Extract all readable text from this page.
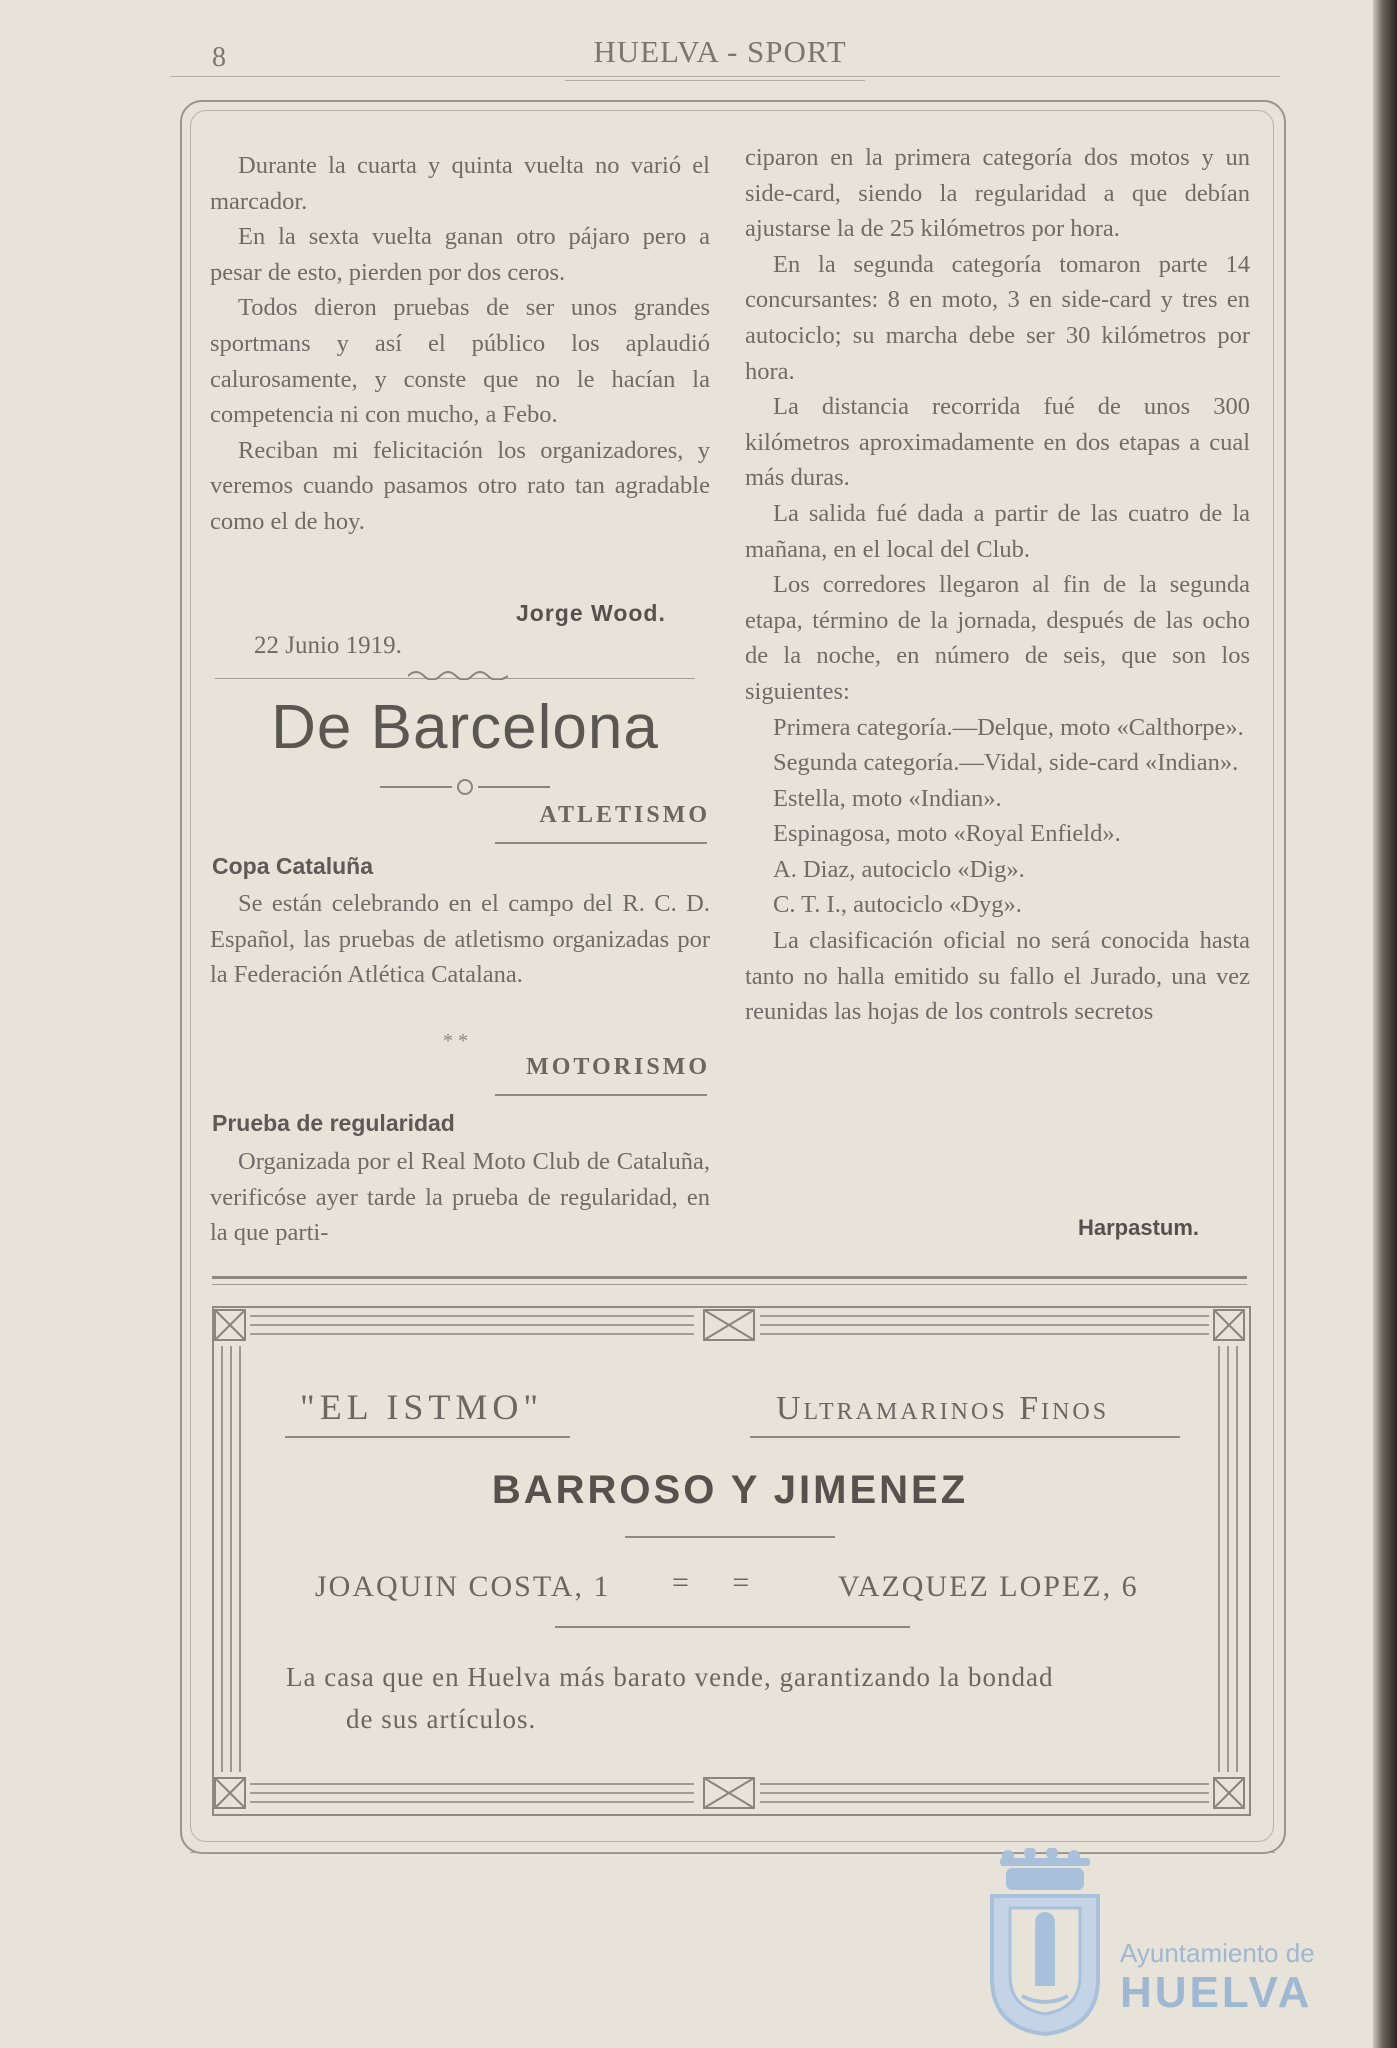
8	HUELVA - SPORT

Durante la cuarta y quinta vuelta no varió el marcador.

En la sexta vuelta ganan otro pájaro pero a pesar de esto, pierden por dos ceros.

Todos dieron pruebas de ser unos grandes sportmans y así el público los aplaudió calurosamente, y conste que no le hacían la competencia ni con mucho, a Febo.

Reciban mi felicitación los organizadores, y veremos cuando pasamos otro rato tan agradable como el de hoy.

Jorge Wood.
22 Junio 1919.
De Barcelona
ATLETISMO
Copa Cataluña

Se están celebrando en el campo del R. C. D. Español, las pruebas de atletismo organizadas por la Federación Atlética Catalana.

* *
MOTORISMO
Prueba de regularidad

Organizada por el Real Moto Club de Cataluña, verificóse ayer tarde la prueba de regularidad, en la que parti-

ciparon en la primera categoría dos motos y un side-card, siendo la regularidad a que debían ajustarse la de 25 kilómetros por hora.

En la segunda categoría tomaron parte 14 concursantes: 8 en moto, 3 en side-card y tres en autociclo; su marcha debe ser 30 kilómetros por hora.

La distancia recorrida fué de unos 300 kilómetros aproximadamente en dos etapas a cual más duras.

La salida fué dada a partir de las cuatro de la mañana, en el local del Club.

Los corredores llegaron al fin de la segunda etapa, término de la jornada, después de las ocho de la noche, en número de seis, que son los siguientes:

Primera categoría.—Delque, moto «Calthorpe».

Segunda categoría.—Vidal, side-card «Indian».

Estella, moto «Indian».

Espinagosa, moto «Royal Enfield».

A. Diaz, autociclo «Dig».

C. T. I., autociclo «Dyg».

La clasificación oficial no será conocida hasta tanto no halla emitido su fallo el Jurado, una vez reunidas las hojas de los controls secretos

Harpastum.
"EL ISTMO"	Ultramarinos Finos
BARROSO Y JIMENEZ
JOAQUIN COSTA, 1 = = VAZQUEZ LOPEZ, 6
La casa que en Huelva más barato vende, garantizando la bondad
de sus artículos.
Ayuntamiento de
HUELVA
